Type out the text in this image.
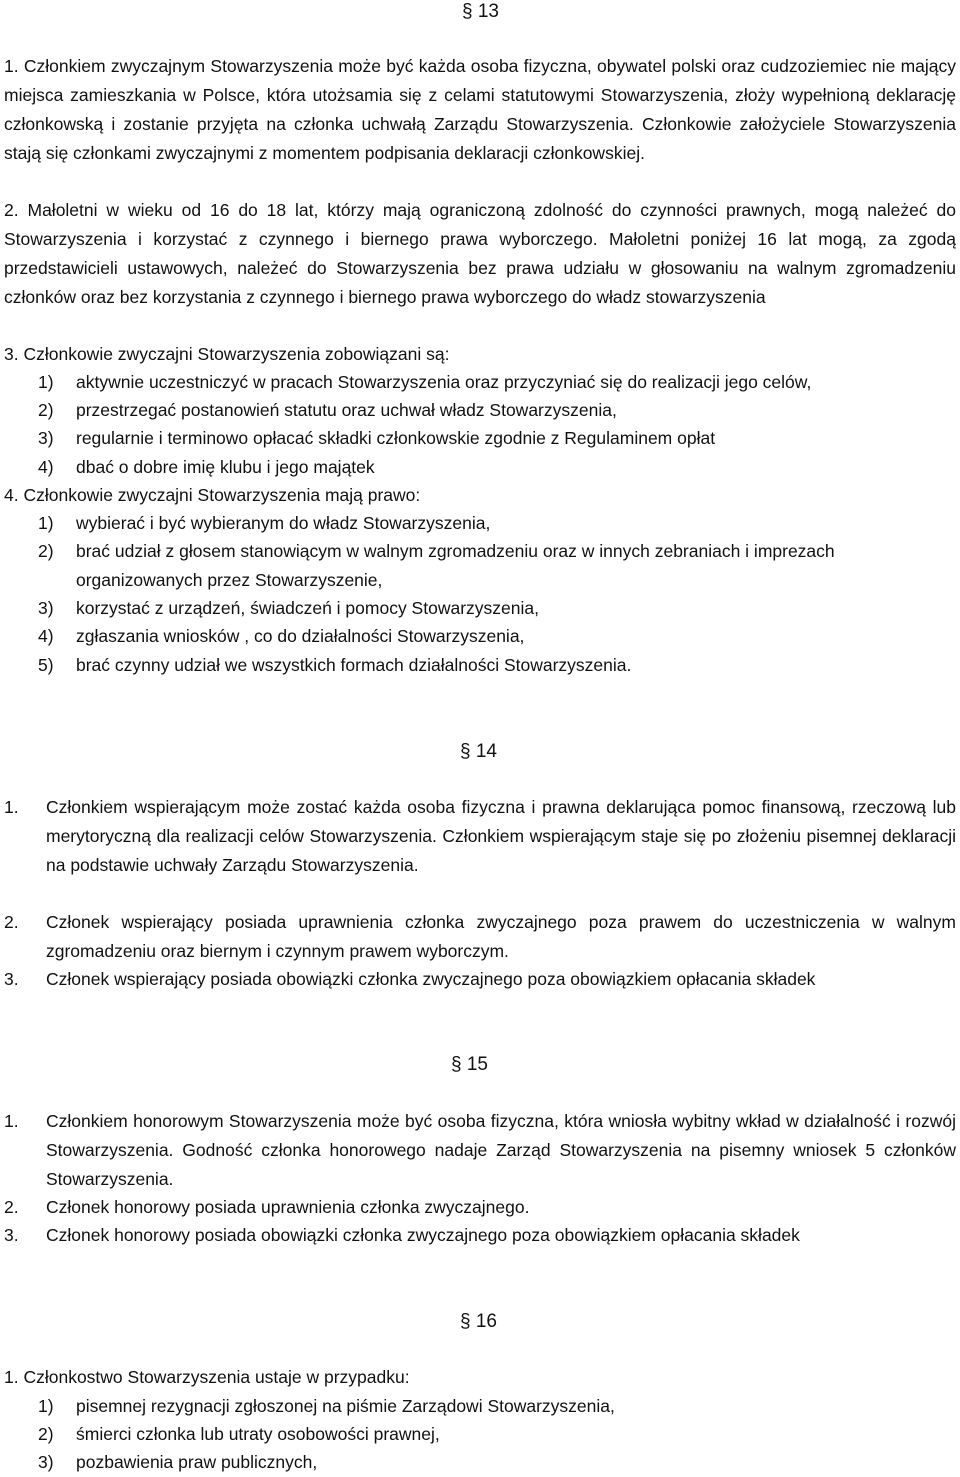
§ 13

1. Członkiem zwyczajnym Stowarzyszenia może być każda osoba fizyczna, obywatel polski oraz cudzoziemiec nie mający miejsca zamieszkania w Polsce, która utożsamia się z celami statutowymi Stowarzyszenia, złoży wypełnioną deklarację członkowską i zostanie przyjęta na członka uchwałą Zarządu Stowarzyszenia. Członkowie założyciele Stowarzyszenia stają się członkami zwyczajnymi z momentem podpisania deklaracji członkowskiej.

2. Małoletni w wieku od 16 do 18 lat, którzy mają ograniczoną zdolność do czynności prawnych, mogą należeć do Stowarzyszenia i korzystać z czynnego i biernego prawa wyborczego. Małoletni poniżej 16 lat mogą, za zgodą przedstawicieli ustawowych, należeć do Stowarzyszenia bez prawa udziału w głosowaniu na walnym zgromadzeniu członków oraz bez korzystania z czynnego i biernego prawa wyborczego do władz stowarzyszenia

3. Członkowie zwyczajni Stowarzyszenia zobowiązani są:
1) aktywnie uczestniczyć w pracach Stowarzyszenia oraz przyczyniać się do realizacji jego celów,
2) przestrzegać postanowień statutu oraz uchwał władz Stowarzyszenia,
3) regularnie i terminowo opłacać składki członkowskie zgodnie z Regulaminem opłat
4) dbać o dobre imię klubu i jego majątek
4. Członkowie zwyczajni Stowarzyszenia mają prawo:
1) wybierać i być wybieranym do władz Stowarzyszenia,
2) brać udział z głosem stanowiącym w walnym zgromadzeniu oraz w innych zebraniach i imprezach organizowanych przez Stowarzyszenie,
3) korzystać z urządzeń, świadczeń i pomocy Stowarzyszenia,
4) zgłaszania wniosków , co do działalności Stowarzyszenia,
5) brać czynny udział we wszystkich formach działalności Stowarzyszenia.
§ 14
1. Członkiem wspierającym może zostać każda osoba fizyczna i prawna deklarująca pomoc finansową, rzeczową lub merytoryczną dla realizacji celów Stowarzyszenia. Członkiem wspierającym staje się po złożeniu pisemnej deklaracji na podstawie uchwały Zarządu Stowarzyszenia.

2. Członek wspierający posiada uprawnienia członka zwyczajnego poza prawem do uczestniczenia w walnym zgromadzeniu oraz biernym i czynnym prawem wyborczym.

3. Członek wspierający posiada obowiązki członka zwyczajnego poza obowiązkiem opłacania składek

§ 15
1. Członkiem honorowym Stowarzyszenia może być osoba fizyczna, która wniosła wybitny wkład w działalność i rozwój Stowarzyszenia. Godność członka honorowego nadaje Zarząd Stowarzyszenia na pisemny wniosek 5 członków Stowarzyszenia.

2. Członek honorowy posiada uprawnienia członka zwyczajnego.

3. Członek honorowy posiada obowiązki członka zwyczajnego poza obowiązkiem opłacania składek

§ 16
1. Członkostwo Stowarzyszenia ustaje w przypadku:
1) pisemnej rezygnacji zgłoszonej na piśmie Zarządowi Stowarzyszenia,
2) śmierci członka lub utraty osobowości prawnej,
3) pozbawienia praw publicznych,
